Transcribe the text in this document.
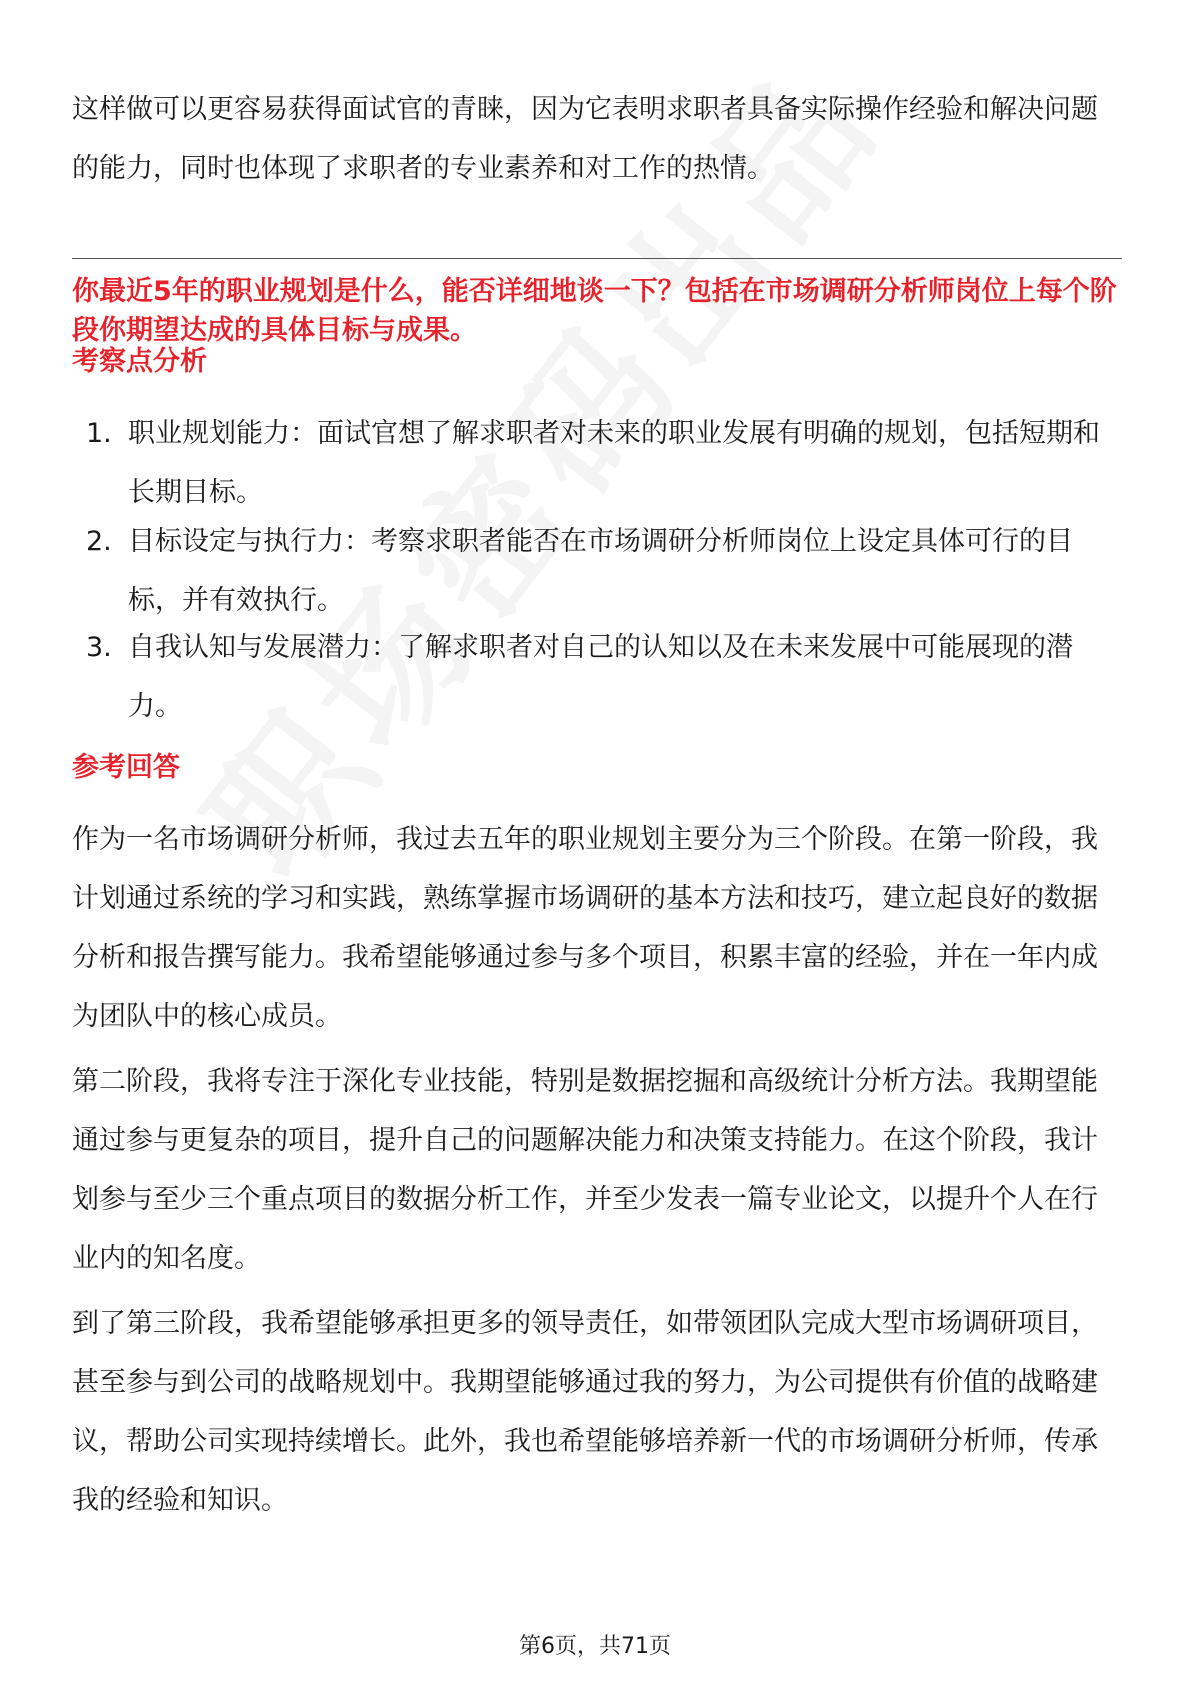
这样做可以更容易获得面试官的青睐，因为它表明求职者具备实际操作经验和解决问题的能力，同时也体现了求职者的专业素养和对工作的热情。

你最近5年的职业规划是什么，能否详细地谈一下？包括在市场调研分析师岗位上每个阶段你期望达成的具体目标与成果。

考察点分析

1. 职业规划能力：面试官想了解求职者对未来的职业发展有明确的规划，包括短期和长期目标。
2. 目标设定与执行力：考察求职者能否在市场调研分析师岗位上设定具体可行的目标，并有效执行。
3. 自我认知与发展潜力：了解求职者对自己的认知以及在未来发展中可能展现的潜力。

参考回答

作为一名市场调研分析师，我过去五年的职业规划主要分为三个阶段。在第一阶段，我计划通过系统的学习和实践，熟练掌握市场调研的基本方法和技巧，建立起良好的数据分析和报告撰写能力。我希望能够通过参与多个项目，积累丰富的经验，并在一年内成为团队中的核心成员。

第二阶段，我将专注于深化专业技能，特别是数据挖掘和高级统计分析方法。我期望能通过参与更复杂的项目，提升自己的问题解决能力和决策支持能力。在这个阶段，我计划参与至少三个重点项目的数据分析工作，并至少发表一篇专业论文，以提升个人在行业内的知名度。

到了第三阶段，我希望能够承担更多的领导责任，如带领团队完成大型市场调研项目，甚至参与到公司的战略规划中。我期望能够通过我的努力，为公司提供有价值的战略建议，帮助公司实现持续增长。此外，我也希望能够培养新一代的市场调研分析师，传承我的经验和知识。

第6页，共71页
